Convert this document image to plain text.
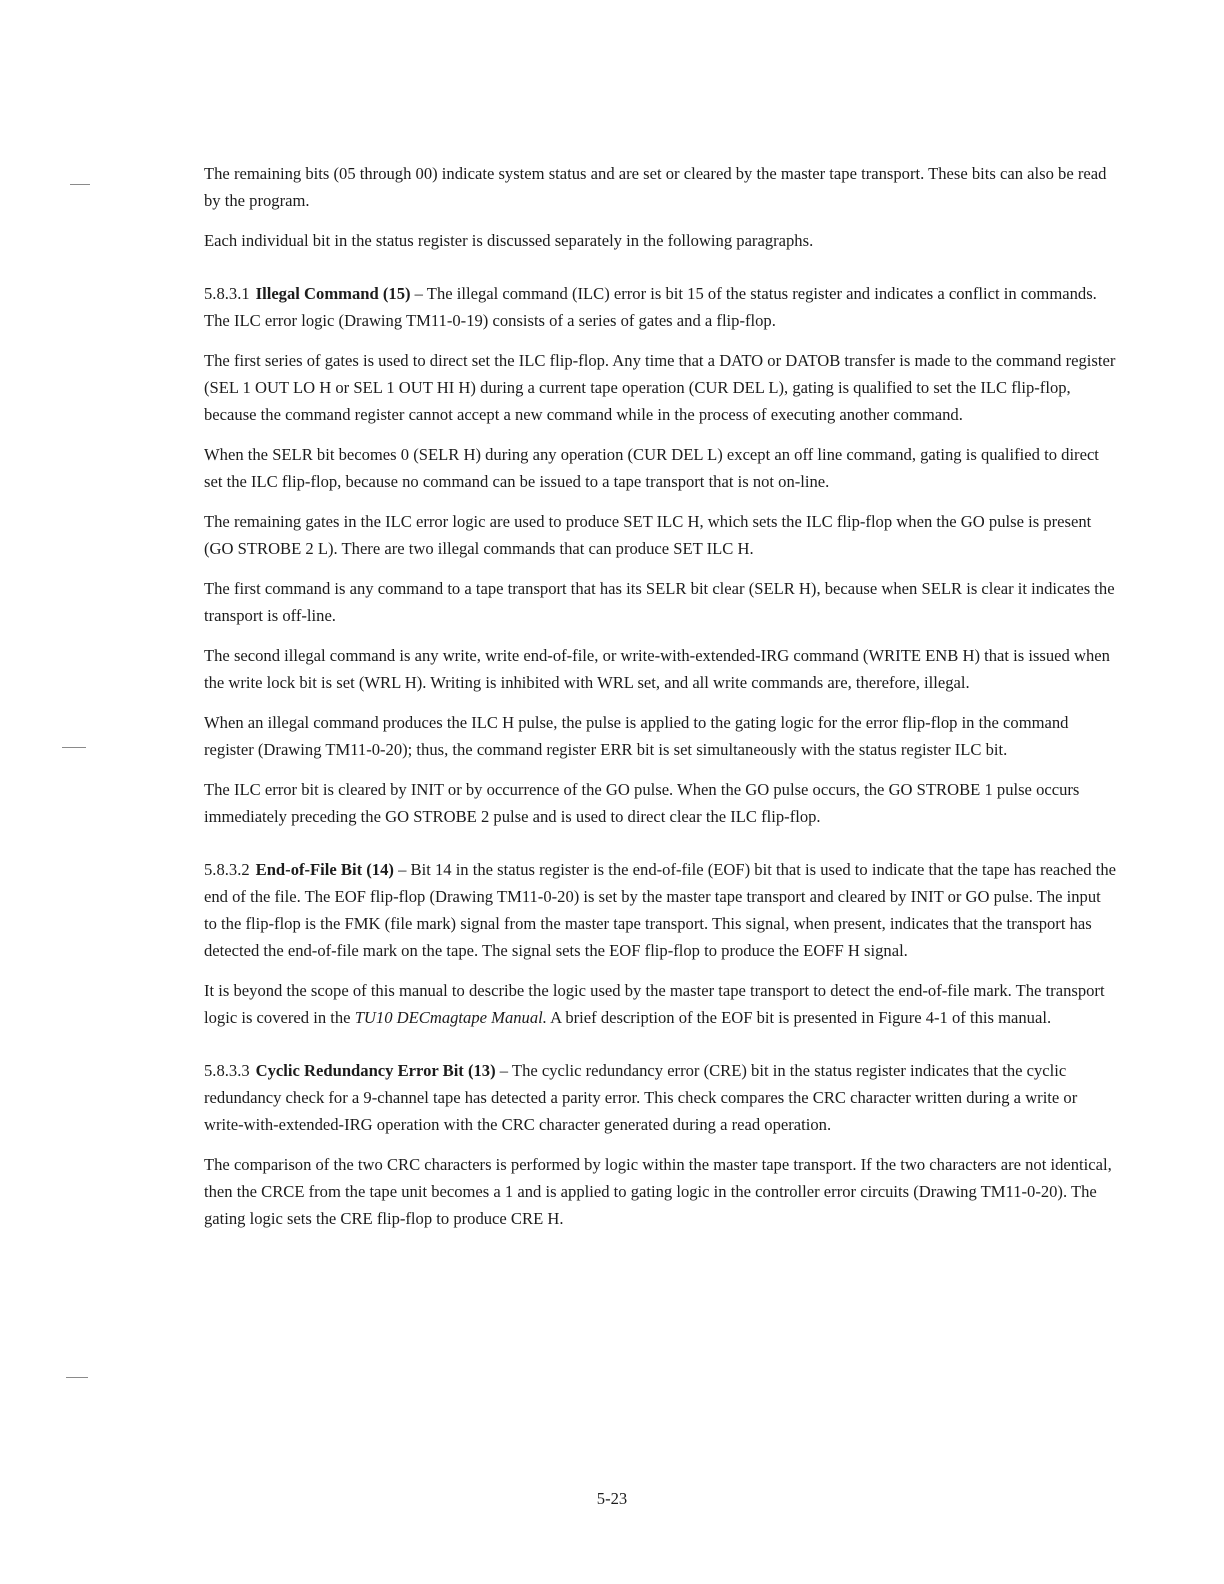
The remaining bits (05 through 00) indicate system status and are set or cleared by the master tape transport. These bits can also be read by the program.

Each individual bit in the status register is discussed separately in the following paragraphs.

5.8.3.1 Illegal Command (15) – The illegal command (ILC) error is bit 15 of the status register and indicates a conflict in commands. The ILC error logic (Drawing TM11-0-19) consists of a series of gates and a flip-flop.

The first series of gates is used to direct set the ILC flip-flop. Any time that a DATO or DATOB transfer is made to the command register (SEL 1 OUT LO H or SEL 1 OUT HI H) during a current tape operation (CUR DEL L), gating is qualified to set the ILC flip-flop, because the command register cannot accept a new command while in the process of executing another command.

When the SELR bit becomes 0 (SELR H) during any operation (CUR DEL L) except an off line command, gating is qualified to direct set the ILC flip-flop, because no command can be issued to a tape transport that is not on-line.

The remaining gates in the ILC error logic are used to produce SET ILC H, which sets the ILC flip-flop when the GO pulse is present (GO STROBE 2 L). There are two illegal commands that can produce SET ILC H.

The first command is any command to a tape transport that has its SELR bit clear (SELR H), because when SELR is clear it indicates the transport is off-line.

The second illegal command is any write, write end-of-file, or write-with-extended-IRG command (WRITE ENB H) that is issued when the write lock bit is set (WRL H). Writing is inhibited with WRL set, and all write commands are, therefore, illegal.

When an illegal command produces the ILC H pulse, the pulse is applied to the gating logic for the error flip-flop in the command register (Drawing TM11-0-20); thus, the command register ERR bit is set simultaneously with the status register ILC bit.

The ILC error bit is cleared by INIT or by occurrence of the GO pulse. When the GO pulse occurs, the GO STROBE 1 pulse occurs immediately preceding the GO STROBE 2 pulse and is used to direct clear the ILC flip-flop.

5.8.3.2 End-of-File Bit (14) – Bit 14 in the status register is the end-of-file (EOF) bit that is used to indicate that the tape has reached the end of the file. The EOF flip-flop (Drawing TM11-0-20) is set by the master tape transport and cleared by INIT or GO pulse. The input to the flip-flop is the FMK (file mark) signal from the master tape transport. This signal, when present, indicates that the transport has detected the end-of-file mark on the tape. The signal sets the EOF flip-flop to produce the EOFF H signal.

It is beyond the scope of this manual to describe the logic used by the master tape transport to detect the end-of-file mark. The transport logic is covered in the TU10 DECmagtape Manual. A brief description of the EOF bit is presented in Figure 4-1 of this manual.

5.8.3.3 Cyclic Redundancy Error Bit (13) – The cyclic redundancy error (CRE) bit in the status register indicates that the cyclic redundancy check for a 9-channel tape has detected a parity error. This check compares the CRC character written during a write or write-with-extended-IRG operation with the CRC character generated during a read operation.

The comparison of the two CRC characters is performed by logic within the master tape transport. If the two characters are not identical, then the CRCE from the tape unit becomes a 1 and is applied to gating logic in the controller error circuits (Drawing TM11-0-20). The gating logic sets the CRE flip-flop to produce CRE H.

5-23
